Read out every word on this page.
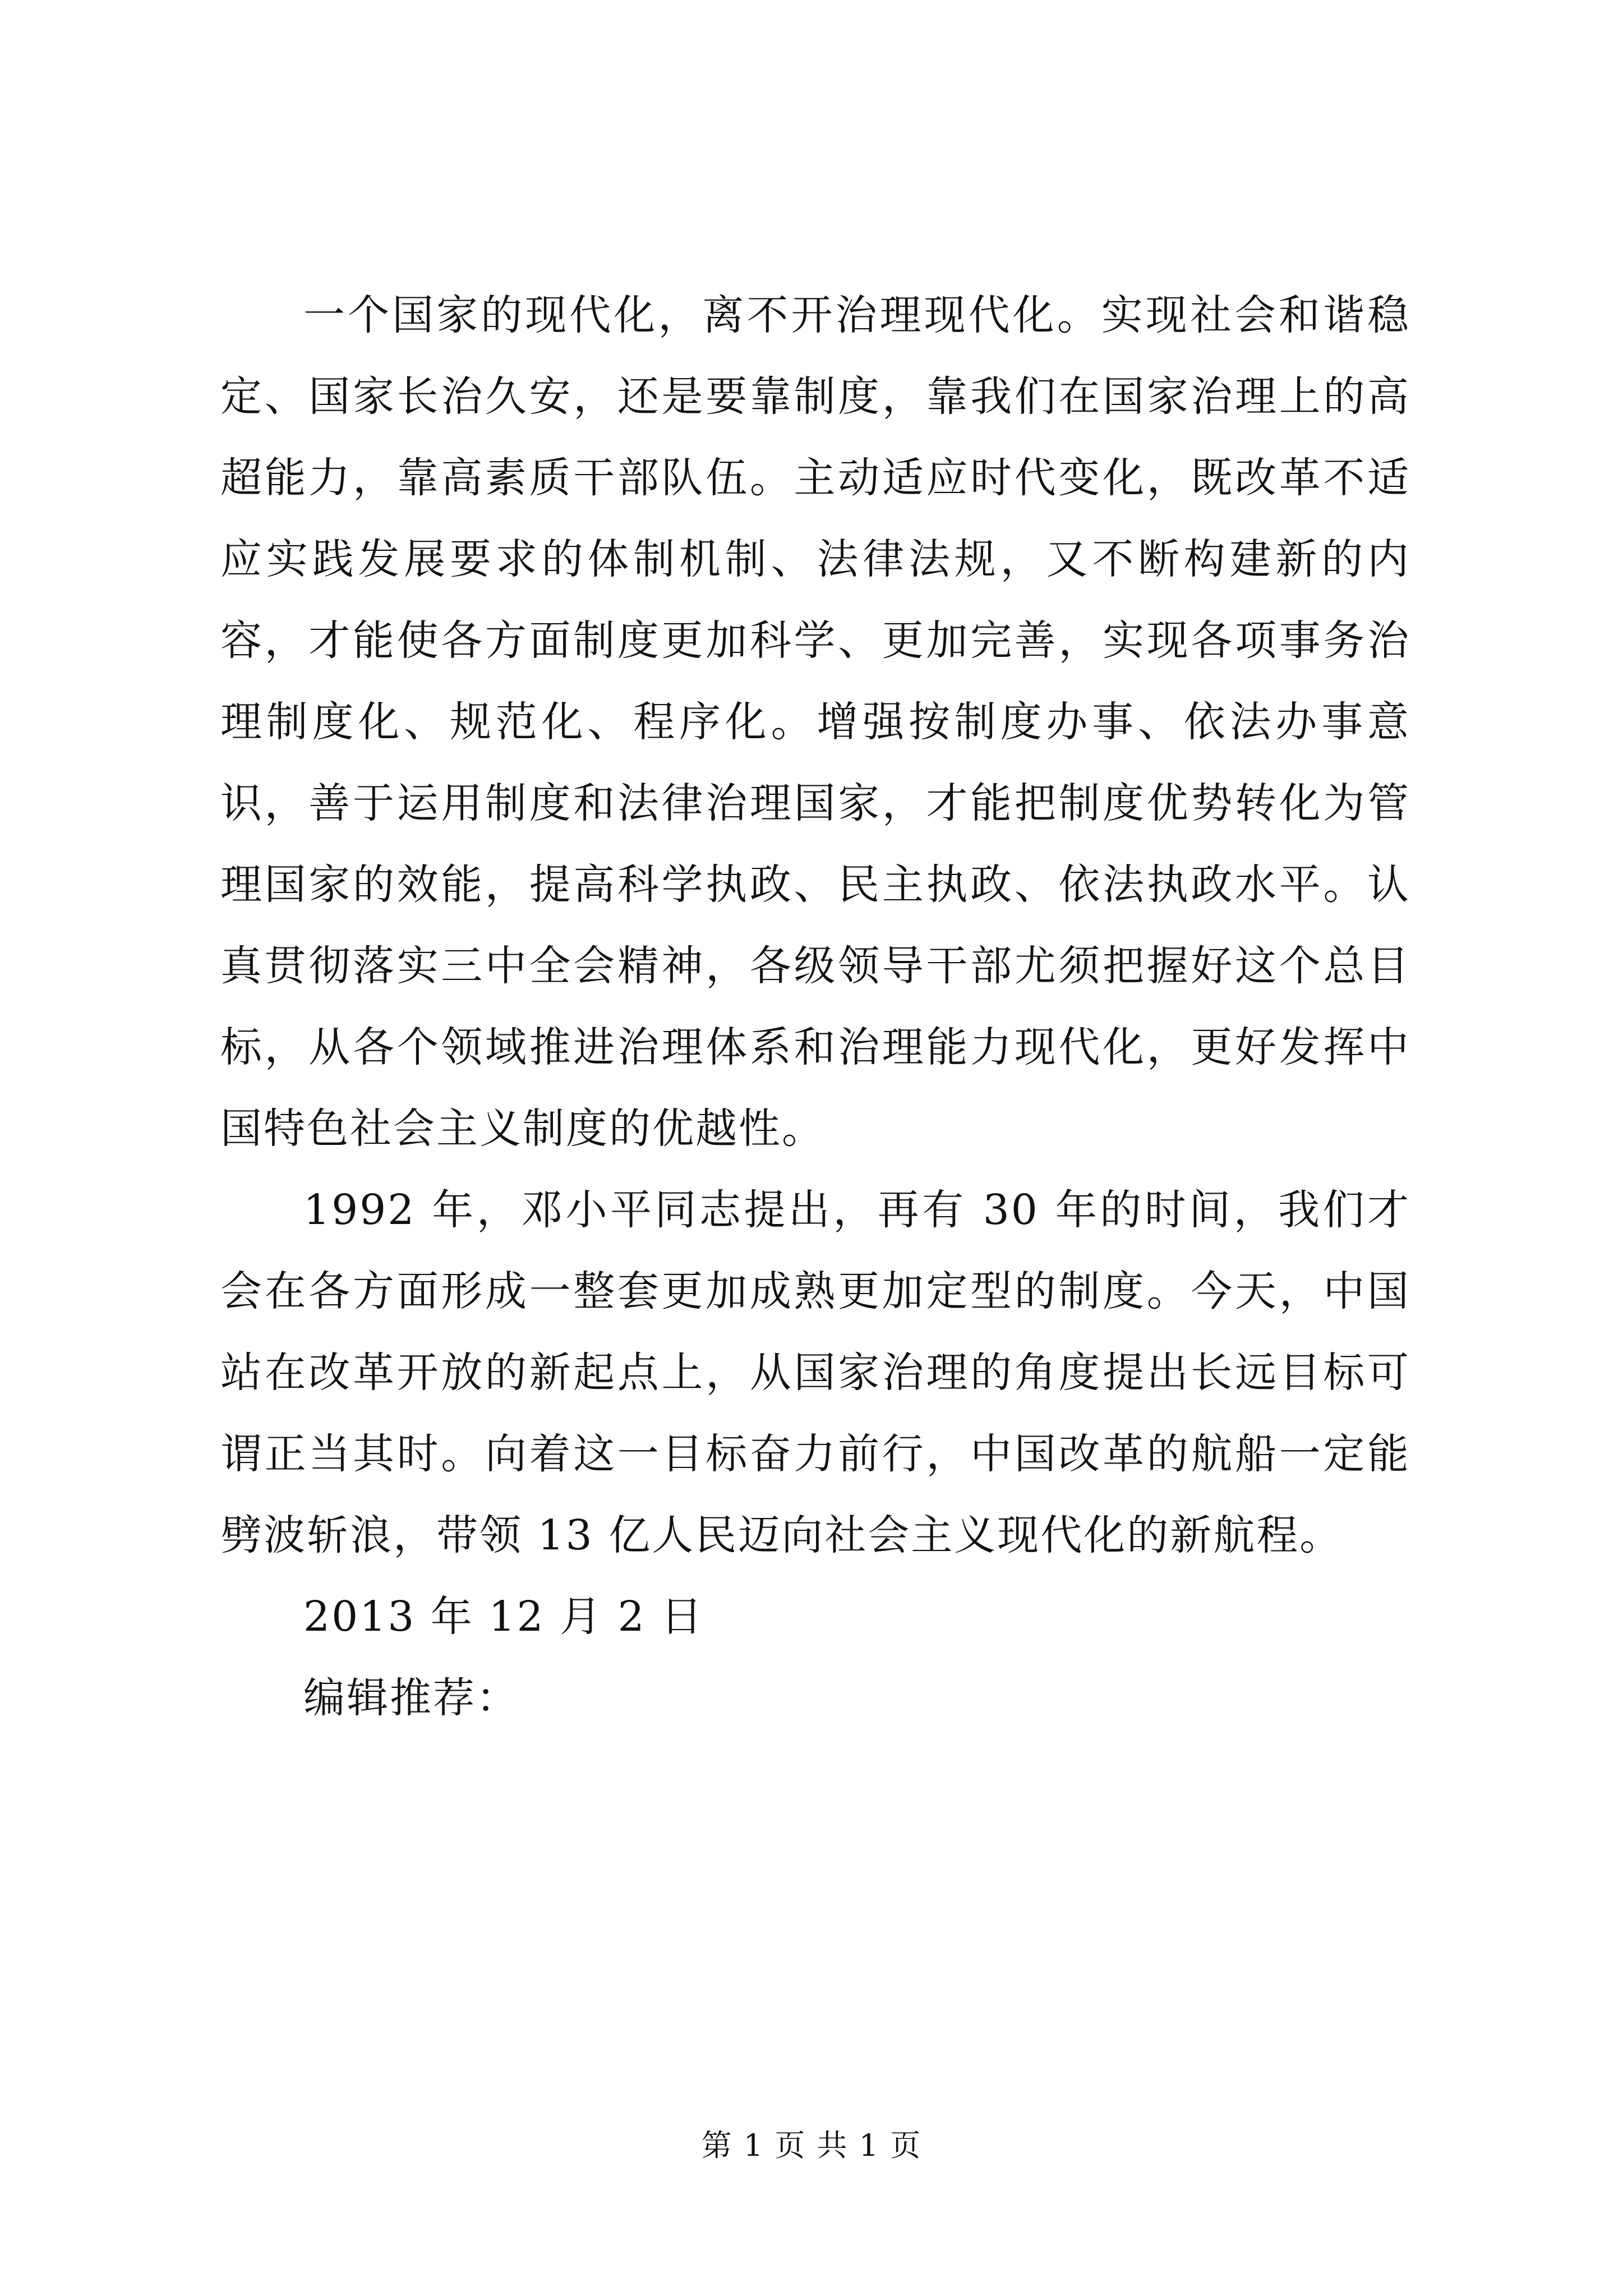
一个国家的现代化，离不开治理现代化。实现社会和谐稳定、国家长治久安，还是要靠制度，靠我们在国家治理上的高超能力，靠高素质干部队伍。主动适应时代变化，既改革不适应实践发展要求的体制机制、法律法规，又不断构建新的内容，才能使各方面制度更加科学、更加完善，实现各项事务治理制度化、规范化、程序化。增强按制度办事、依法办事意识，善于运用制度和法律治理国家，才能把制度优势转化为管理国家的效能，提高科学执政、民主执政、依法执政水平。认真贯彻落实三中全会精神，各级领导干部尤须把握好这个总目标，从各个领域推进治理体系和治理能力现代化，更好发挥中国特色社会主义制度的优越性。

1992 年，邓小平同志提出，再有 30 年的时间，我们才会在各方面形成一整套更加成熟更加定型的制度。今天，中国站在改革开放的新起点上，从国家治理的角度提出长远目标可谓正当其时。向着这一目标奋力前行，中国改革的航船一定能劈波斩浪，带领 13 亿人民迈向社会主义现代化的新航程。

2013 年 12 月 2 日

编辑推荐：

第 1 页 共 1 页
